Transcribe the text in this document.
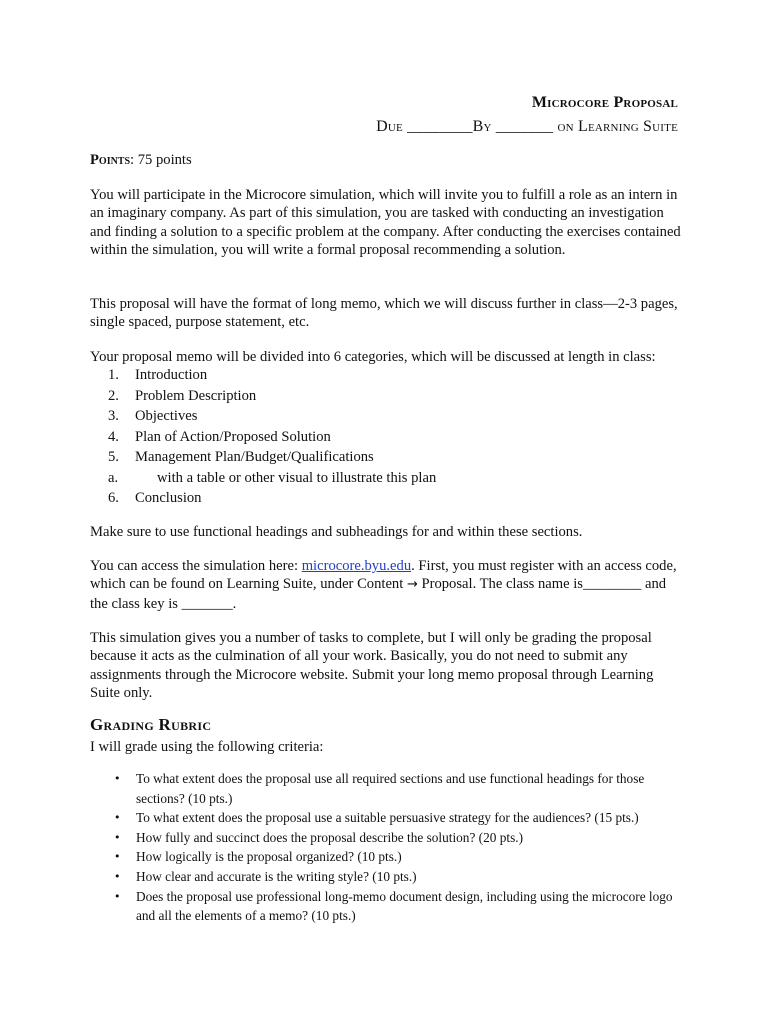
Microcore Proposal
Due ________By _______ on Learning Suite
Points: 75 points
You will participate in the Microcore simulation, which will invite you to fulfill a role as an intern in an imaginary company. As part of this simulation, you are tasked with conducting an investigation and finding a solution to a specific problem at the company. After conducting the exercises contained within the simulation, you will write a formal proposal recommending a solution.
This proposal will have the format of long memo, which we will discuss further in class—2-3 pages, single spaced, purpose statement, etc.
Your proposal memo will be divided into 6 categories, which will be discussed at length in class:
1. Introduction
2. Problem Description
3. Objectives
4. Plan of Action/Proposed Solution
5. Management Plan/Budget/Qualifications
a.	with a table or other visual to illustrate this plan
6. Conclusion
Make sure to use functional headings and subheadings for and within these sections.
You can access the simulation here: microcore.byu.edu. First, you must register with an access code, which can be found on Learning Suite, under Content → Proposal. The class name is________ and the class key is _______.
This simulation gives you a number of tasks to complete, but I will only be grading the proposal because it acts as the culmination of all your work. Basically, you do not need to submit any assignments through the Microcore website. Submit your long memo proposal through Learning Suite only.
Grading Rubric
I will grade using the following criteria:
• To what extent does the proposal use all required sections and use functional headings for those sections? (10 pts.)
• To what extent does the proposal use a suitable persuasive strategy for the audiences? (15 pts.)
• How fully and succinct does the proposal describe the solution? (20 pts.)
• How logically is the proposal organized? (10 pts.)
• How clear and accurate is the writing style? (10 pts.)
• Does the proposal use professional long-memo document design, including using the microcore logo and all the elements of a memo? (10 pts.)
